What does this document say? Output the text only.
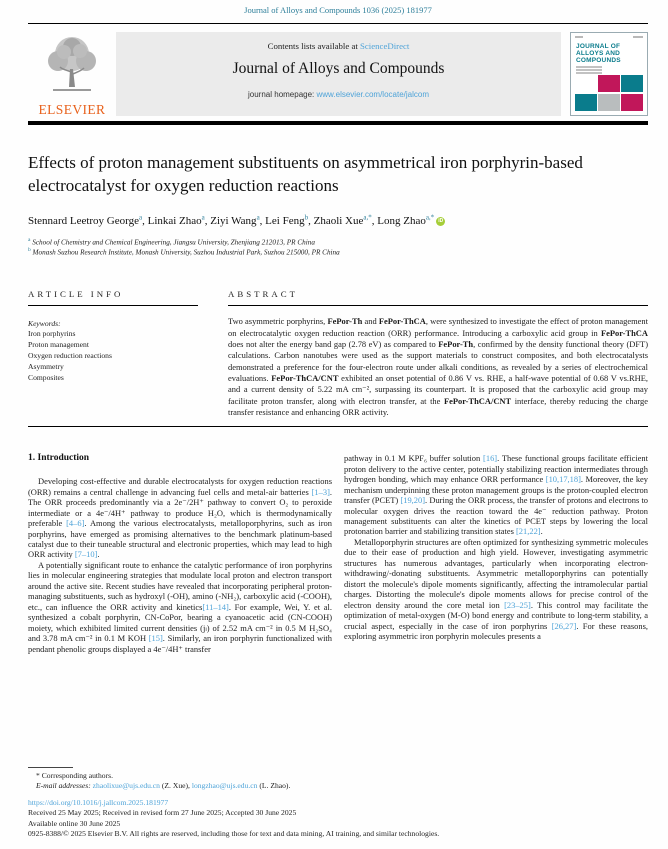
Journal of Alloys and Compounds 1036 (2025) 181977
ELSEVIER
Contents lists available at ScienceDirect
Journal of Alloys and Compounds
journal homepage: www.elsevier.com/locate/jalcom
JOURNAL OF
ALLOYS AND
COMPOUNDS
Effects of proton management substituents on asymmetrical iron porphyrin-based electrocatalyst for oxygen reduction reactions
Stennard Leetroy George$^a$, Linkai Zhao$^a$, Ziyi Wang$^a$, Lei Feng$^b$, Zhaoli Xue$^{a,*}$, Long Zhao$^{a,*}$ iD
$^a$ School of Chemistry and Chemical Engineering, Jiangsu University, Zhenjiang 212013, PR China
$^b$ Monash Suzhou Research Institute, Monash University, Suzhou Industrial Park, Suzhou 215000, PR China
ARTICLE INFO
Keywords:
Iron porphyrins
Proton management
Oxygen reduction reactions
Asymmetry
Composites
ABSTRACT
Two asymmetric porphyrins, FePor-Th and FePor-ThCA, were synthesized to investigate the effect of proton management on electrocatalytic oxygen reduction reaction (ORR) performance. Introducing a carboxylic acid group in FePor-ThCA does not alter the energy band gap (2.78 eV) as compared to FePor-Th, confirmed by the density functional theory (DFT) calculations. Carbon nanotubes were used as the support materials to construct composites, and both electrocatalysts demonstrated a preference for the four-electron route under alkali conditions, as revealed by a series of electrochemical evaluations. FePor-ThCA/CNT exhibited an onset potential of 0.86 V vs. RHE, a half-wave potential of 0.68 V vs.RHE, and a current density of 5.22 mA cm⁻², surpassing its counterpart. It is proposed that the carboxylic acid group may facilitate proton transfer, along with electron transfer, at the FePor-ThCA/CNT interface, thereby reducing the charge transfer resistance and enhancing ORR activity.

1. Introduction

Developing cost-effective and durable electrocatalysts for oxygen reduction reactions (ORR) remains a central challenge in advancing fuel cells and metal-air batteries [1–3]. The ORR proceeds predominantly via a 2e⁻/2H⁺ pathway to convert O₂ to peroxide intermediate or a 4e⁻/4H⁺ pathway to produce H₂O, which is thermodynamically preferable [4–6]. Among the various electrocatalysts, metalloporphyrins, such as iron porphyrins, have emerged as promising alternatives to the benchmark platinum-based catalyst due to their tuneable structural and electronic properties, which may lead to high ORR activity [7–10].

A potentially significant route to enhance the catalytic performance of iron porphyrins lies in molecular engineering strategies that modulate local proton and electron transport around the active site. Recent studies have revealed that incorporating peripheral proton-managing substituents, such as hydroxyl (-OH), amino (-NH₂), carboxylic acid (-COOH), etc., can influence the ORR activity and kinetics[11–14]. For example, Wei, Y. et al. synthesized a cobalt porphyrin, CN-CoPor, bearing a cyanoacetic acid (CN-COOH) moiety, which exhibited limited current densities (jₗ) of 2.52 mA cm⁻² in 0.5 M H₂SO₄ and 3.78 mA cm⁻² in 0.1 M KOH [15]. Similarly, an iron porphyrin functionalized with pendant phenolic groups displayed a 4e⁻/4H⁺ transfer

pathway in 0.1 M KPF₆ buffer solution [16]. These functional groups facilitate efficient proton delivery to the active center, potentially stabilizing reaction intermediates through hydrogen bonding, which may enhance ORR performance [10,17,18]. Moreover, the key mechanism underpinning these proton management groups is the proton-coupled electron transfer (PCET) [19,20]. During the ORR process, the transfer of protons and electrons to molecular oxygen drives the reaction toward the 4e⁻ reduction pathway. Proton management substituents can alter the kinetics of PCET steps by lowering the local protonation barrier and stabilizing transition states [21,22].

Metalloporphyrin structures are often optimized for synthesizing symmetric molecules due to their ease of production and high yield. However, investigating asymmetric structures has numerous advantages, particularly when incorporating electron-withdrawing/-donating substituents. Asymmetric metalloporphyrins can potentially distort the molecule's dipole moments significantly, affecting the intramolecular partial charges. Distorting the molecule's dipole moments allows for precise control of the electron density around the core metal ion [23–25]. This control may facilitate the optimization of metal-oxygen (M-O) bond energy and contribute to long-term stability, a crucial aspect, especially in the case of iron porphyrins [26,27]. For these reasons, exploring asymmetric iron porphyrin molecules presents a

* Corresponding authors.
E-mail addresses: zhaolixue@ujs.edu.cn (Z. Xue), longzhao@ujs.edu.cn (L. Zhao).
https://doi.org/10.1016/j.jallcom.2025.181977
Received 25 May 2025; Received in revised form 27 June 2025; Accepted 30 June 2025
Available online 30 June 2025
0925-8388/© 2025 Elsevier B.V. All rights are reserved, including those for text and data mining, AI training, and similar technologies.
